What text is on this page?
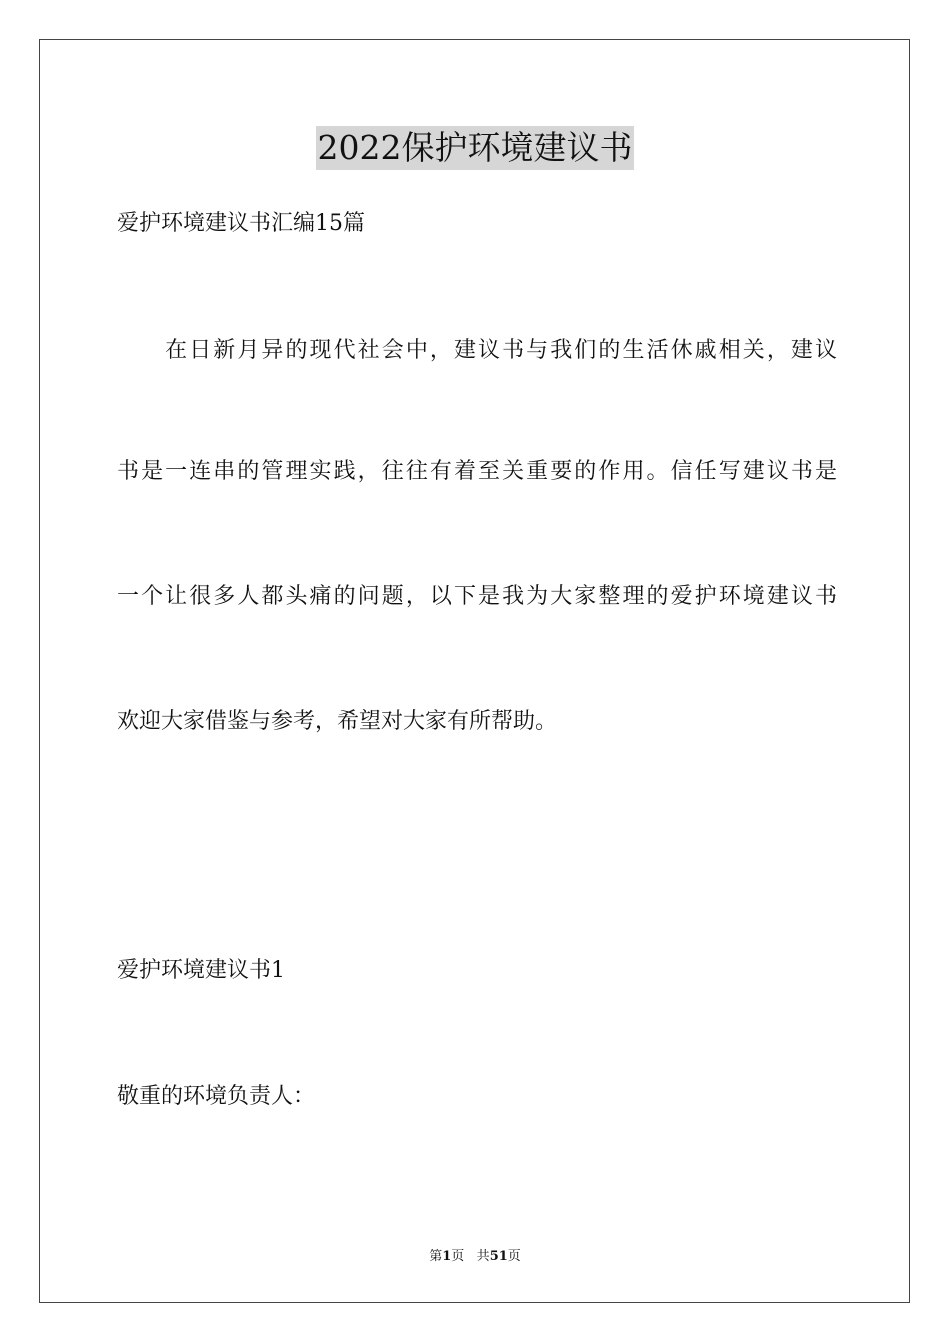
2022保护环境建议书
爱护环境建议书汇编15篇
　　在日新月异的现代社会中，建议书与我们的生活休戚相关，建议
书是一连串的管理实践，往往有着至关重要的作用。信任写建议书是
一个让很多人都头痛的问题，以下是我为大家整理的爱护环境建议书
欢迎大家借鉴与参考，希望对大家有所帮助。
爱护环境建议书1
敬重的环境负责人：
第1页 共51页
